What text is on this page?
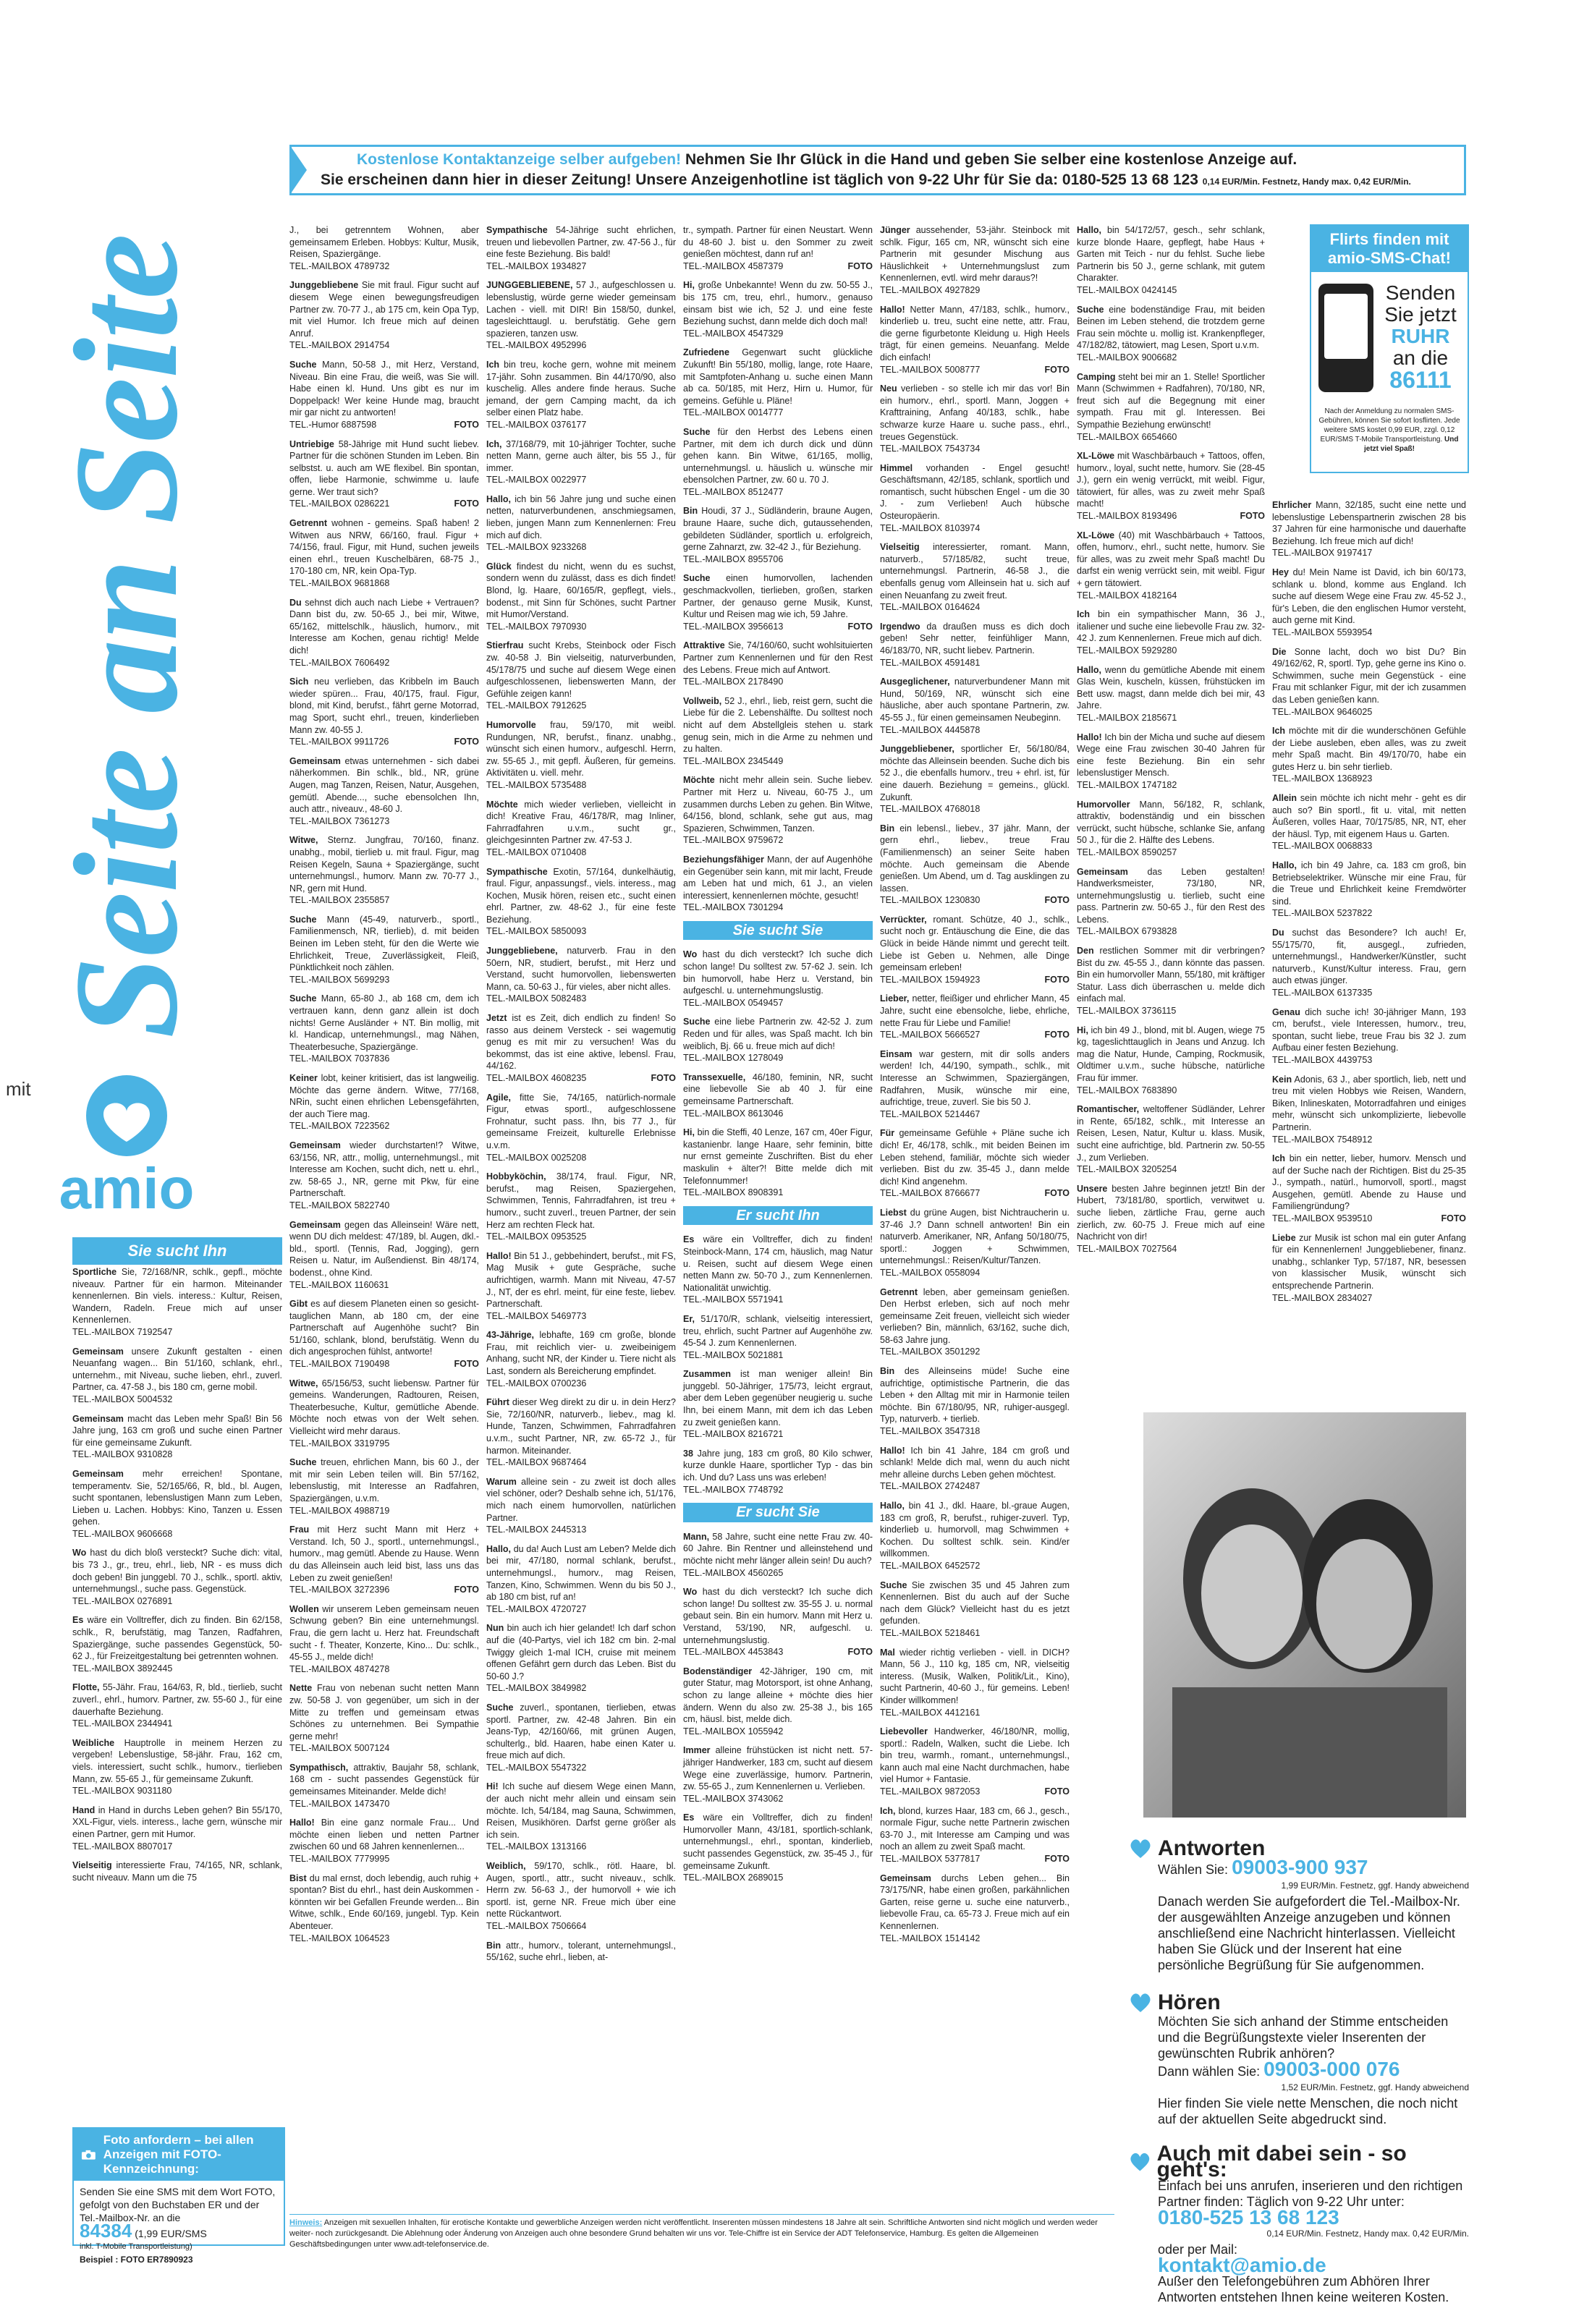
Kostenlose Kontaktanzeige selber aufgeben! Nehmen Sie Ihr Glück in die Hand und geben Sie selber eine kostenlose Anzeige auf.
Sie erscheinen dann hier in dieser Zeitung! Unsere Anzeigenhotline ist täglich von 9-22 Uhr für Sie da: 0180-525 13 68 123 0,14 EUR/Min. Festnetz, Handy max. 0,42 EUR/Min.
Seite an Seite
mit
amio
Sie sucht Ihn
Sportliche Sie, 72/168/NR, schlk., gepfl., möchte niveauv. Partner für ein harmon. Miteinander kennenlernen. Bin viels. interess.: Kultur, Reisen, Wandern, Radeln. Freue mich auf unser Kennenlernen.
TEL.-MAILBOX 7192547
Gemeinsam unsere Zukunft gestalten - einen Neuanfang wagen... Bin 51/160, schlank, ehrl., unternehm., mit Niveau, suche lieben, ehrl., zuverl. Partner, ca. 47-58 J., bis 180 cm, gerne mobil.
TEL.-MAILBOX 5004532
Gemeinsam macht das Leben mehr Spaß! Bin 56 Jahre jung, 163 cm groß und suche einen Partner für eine gemeinsame Zukunft.
TEL.-MAILBOX 9310828
Gemeinsam mehr erreichen! Spontane, temperamentv. Sie, 52/165/66, R, bld., bl. Augen, sucht spontanen, lebenslustigen Mann zum Leben, Lieben u. Lachen. Hobbys: Kino, Tanzen u. Essen gehen.
TEL.-MAILBOX 9606668
Wo hast du dich bloß versteckt? Suche dich: vital, bis 73 J., gr., treu, ehrl., lieb, NR - es muss dich doch geben! Bin junggebl. 70 J., schlk., sportl. aktiv, unternehmungsl., suche pass. Gegenstück.
TEL.-MAILBOX 0276891
Es wäre ein Volltreffer, dich zu finden. Bin 62/158, schlk., R, berufstätig, mag Tanzen, Radfahren, Spaziergänge, suche passendes Gegenstück, 50-62 J., für Freizeitgestaltung bei getrennten wohnen.
TEL.-MAILBOX 3892445
Flotte, 55-Jähr. Frau, 164/63, R, bld., tierlieb, sucht zuverl., ehrl., humorv. Partner, zw. 55-60 J., für eine dauerhafte Beziehung.
TEL.-MAILBOX 2344941
Weibliche Hauptrolle in meinem Herzen zu vergeben! Lebenslustige, 58-jähr. Frau, 162 cm, viels. interessiert, sucht schlk., humorv., tierlieben Mann, zw. 55-65 J., für gemeinsame Zukunft.
TEL.-MAILBOX 9031180
Hand in Hand in durchs Leben gehen? Bin 55/170, XXL-Figur, viels. interess., lache gern, wünsche mir einen Partner, gern mit Humor.
TEL.-MAILBOX 8807017
Vielseitig interessierte Frau, 74/165, NR, schlank, sucht niveauv. Mann um die 75
J., bei getrenntem Wohnen, aber gemeinsamem Erleben. Hobbys: Kultur, Musik, Reisen, Spaziergänge.
TEL.-MAILBOX 4789732
Junggebliebene Sie mit fraul. Figur sucht auf diesem Wege einen bewegungsfreudigen Partner zw. 70-77 J., ab 175 cm, kein Opa Typ, mit viel Humor. Ich freue mich auf deinen Anruf.
TEL.-MAILBOX 2914754
Suche Mann, 50-58 J., mit Herz, Verstand, Niveau. Bin eine Frau, die weiß, was Sie will. Habe einen kl. Hund. Uns gibt es nur im Doppelpack! Wer keine Hunde mag, braucht mir gar nicht zu antworten!
TEL.-Humor 6887598	FOTO
Untriebige 58-Jährige mit Hund sucht liebev. Partner für die schönen Stunden im Leben. Bin selbstst. u. auch am WE flexibel. Bin spontan, offen, liebe Harmonie, schwimme u. laufe gerne. Wer traut sich?
TEL.-MAILBOX 0286221	FOTO
Getrennt wohnen - gemeins. Spaß haben! 2 Witwen aus NRW, 66/160, fraul. Figur + 74/156, fraul. Figur, mit Hund, suchen jeweils einen ehrl., treuen Kuschelbären, 68-75 J., 170-180 cm, NR, kein Opa-Typ.
TEL.-MAILBOX 9681868
Du sehnst dich auch nach Liebe + Vertrauen? Dann bist du, zw. 50-65 J., bei mir, Witwe, 65/162, mittelschlk., häuslich, humorv., mit Interesse am Kochen, genau richtig! Melde dich!
TEL.-MAILBOX 7606492
Sich neu verlieben, das Kribbeln im Bauch wieder spüren... Frau, 40/175, fraul. Figur, blond, mit Kind, berufst., fährt gerne Motorrad, mag Sport, sucht ehrl., treuen, kinderlieben Mann zw. 40-55 J.
TEL.-MAILBOX 9911726	FOTO
Gemeinsam etwas unternehmen - sich dabei näherkommen. Bin schlk., bld., NR, grüne Augen, mag Tanzen, Reisen, Natur, Ausgehen, gemütl. Abende..., suche ebensolchen Ihn, auch attr., niveauv., 48-60 J.
TEL.-MAILBOX 7361273
Witwe, Sternz. Jungfrau, 70/160, finanz. unabhg., mobil, tierlieb u. mit fraul. Figur, mag Reisen Kegeln, Sauna + Spaziergänge, sucht unternehmungsl., humorv. Mann zw. 70-77 J., NR, gern mit Hund.
TEL.-MAILBOX 2355857
Suche Mann (45-49, naturverb., sportl., Familienmensch, NR, tierlieb), d. mit beiden Beinen im Leben steht, für den die Werte wie Ehrlichkeit, Treue, Zuverlässigkeit, Fleiß, Pünktlichkeit noch zählen.
TEL.-MAILBOX 5699293
Suche Mann, 65-80 J., ab 168 cm, dem ich vertrauen kann, denn ganz allein ist doch nichts! Gerne Ausländer + NT. Bin mollig, mit kl. Handicap, unternehmungsl., mag Nähen, Theaterbesuche, Spaziergänge.
TEL.-MAILBOX 7037836
Keiner lobt, keiner kritisiert, das ist langweilig. Möchte das gerne ändern. Witwe, 77/168, NRin, sucht einen ehrlichen Lebensgefährten, der auch Tiere mag.
TEL.-MAILBOX 7223562
Gemeinsam wieder durchstarten!? Witwe, 63/156, NR, attr., mollig, unternehmungsl., mit Interesse am Kochen, sucht dich, nett u. ehrl., zw. 58-65 J., NR, gerne mit Pkw, für eine Partnerschaft.
TEL.-MAILBOX 5822740
Gemeinsam gegen das Alleinsein! Wäre nett, wenn DU dich meldest: 47/189, bl. Augen, dkl.-bld., sportl. (Tennis, Rad, Jogging), gern Reisen u. Natur, im Außendienst. Bin 48/174, bodenst., ohne Kind.
TEL.-MAILBOX 1160631
Gibt es auf diesem Planeten einen so gesicht-tauglichen Mann, ab 180 cm, der eine Partnerschaft auf Augenhöhe sucht? Bin 51/160, schlank, blond, berufstätig. Wenn du dich angesprochen fühlst, antworte!
TEL.-MAILBOX 7190498	FOTO
Witwe, 65/156/53, sucht liebensw. Partner für gemeins. Wanderungen, Radtouren, Reisen, Theaterbesuche, Kultur, gemütliche Abende. Möchte noch etwas von der Welt sehen. Vielleicht wird mehr daraus.
TEL.-MAILBOX 3319795
Suche treuen, ehrlichen Mann, bis 60 J., der mit mir sein Leben teilen will. Bin 57/162, lebenslustig, mit Interesse an Radfahren, Spaziergängen, u.v.m.
TEL.-MAILBOX 4988719
Frau mit Herz sucht Mann mit Herz + Verstand. Ich, 50 J., sportl., unternehmungsl., humorv., mag gemütl. Abende zu Hause. Wenn du das Alleinsein auch leid bist, lass uns das Leben zu zweit genießen!
TEL.-MAILBOX 3272396	FOTO
Wollen wir unserem Leben gemeinsam neuen Schwung geben? Bin eine unternehmungsl. Frau, die gern lacht u. Herz hat. Freundschaft sucht - f. Theater, Konzerte, Kino... Du: schlk., 45-55 J., melde dich!
TEL.-MAILBOX 4874278
Nette Frau von nebenan sucht netten Mann zw. 50-58 J. von gegenüber, um sich in der Mitte zu treffen und gemeinsam etwas Schönes zu unternehmen. Bei Sympathie gerne mehr!
TEL.-MAILBOX 5007124
Sympathisch, attraktiv, Baujahr 58, schlank, 168 cm - sucht passendes Gegenstück für gemeinsames Miteinander. Melde dich!
TEL.-MAILBOX 1473470
Hallo! Bin eine ganz normale Frau... Und möchte einen lieben und netten Partner zwischen 60 und 68 Jahren kennenlernen...
TEL.-MAILBOX 7779995
Bist du mal ernst, doch lebendig, auch ruhig + spontan? Bist du ehrl., hast dein Auskommen - könnten wir bei Gefallen Freunde werden... Bin Witwe, schlk., Ende 60/169, jungebl. Typ. Kein Abenteuer.
TEL.-MAILBOX 1064523
Sympathische 54-Jährige sucht ehrlichen, treuen und liebevollen Partner, zw. 47-56 J., für eine feste Beziehung. Bis bald!
TEL.-MAILBOX 1934827
JUNGGEBLIEBENE, 57 J., aufgeschlossen u. lebenslustig, würde gerne wieder gemeinsam Lachen - viell. mit DIR! Bin 158/50, dunkel, tagesleichttaugl. u. berufstätig. Gehe gern spazieren, tanzen usw.
TEL.-MAILBOX 4952996
Ich bin treu, koche gern, wohne mit meinem 17-jähr. Sohn zusammen. Bin 44/170/90, also kuschelig. Alles andere finde heraus. Suche jemand, der gern Camping macht, da ich selber einen Platz habe.
TEL.-MAILBOX 0376177
Ich, 37/168/79, mit 10-jähriger Tochter, suche netten Mann, gerne auch älter, bis 55 J., für immer.
TEL.-MAILBOX 0022977
Hallo, ich bin 56 Jahre jung und suche einen netten, naturverbundenen, anschmiegsamen, lieben, jungen Mann zum Kennenlernen: Freu mich auf dich.
TEL.-MAILBOX 9233268
Glück findest du nicht, wenn du es suchst, sondern wenn du zulässt, dass es dich findet! Blond, lg. Haare, 60/165/R, gepflegt, viels., bodenst., mit Sinn für Schönes, sucht Partner mit Humor/Verstand.
TEL.-MAILBOX 7970930
Stierfrau sucht Krebs, Steinbock oder Fisch zw. 40-58 J. Bin vielseitig, naturverbunden, 45/178/75 und suche auf diesem Wege einen aufgeschlossenen, liebenswerten Mann, der Gefühle zeigen kann!
TEL.-MAILBOX 7912625
Humorvolle frau, 59/170, mit weibl. Rundungen, NR, berufst., finanz. unabhg., wünscht sich einen humorv., aufgeschl. Herrn, zw. 55-65 J., mit gepfl. Äußeren, für gemeins. Aktivitäten u. viell. mehr.
TEL.-MAILBOX 5735488
Möchte mich wieder verlieben, vielleicht in dich! Kreative Frau, 46/178/R, mag Inliner, Fahrradfahren u.v.m., sucht gr., gleichgesinnten Partner zw. 47-53 J.
TEL.-MAILBOX 0710408
Sympathische Exotin, 57/164, dunkelhäutig, fraul. Figur, anpassungsf., viels. interess., mag Kochen, Musik hören, reisen etc., sucht einen ehrl. Partner, zw. 48-62 J., für eine feste Beziehung.
TEL.-MAILBOX 5850093
Junggebliebene, naturverb. Frau in den 50ern, NR, studiert, berufst., mit Herz und Verstand, sucht humorvollen, liebenswerten Mann, ca. 50-63 J., für vieles, aber nicht alles.
TEL.-MAILBOX 5082483
Jetzt ist es Zeit, dich endlich zu finden! So rasso aus deinem Versteck - sei wagemutig genug es mit mir zu versuchen! Was du bekommst, das ist eine aktive, lebensl. Frau, 44/162.
TEL.-MAILBOX 4608235	FOTO
Agile, fitte Sie, 74/165, natürlich-normale Figur, etwas sportl., aufgeschlossene Frohnatur, sucht pass. Ihn, bis 77 J., für gemeinsame Freizeit, kulturelle Erlebnisse u.v.m.
TEL.-MAILBOX 0025208
Hobbyköchin, 38/174, fraul. Figur, NR, berufst., mag Reisen, Spaziergehen, Schwimmen, Tennis, Fahrradfahren, ist treu + humorv., sucht zuverl., treuen Partner, der sein Herz am rechten Fleck hat.
TEL.-MAILBOX 0953525
Hallo! Bin 51 J., gebbehindert, berufst., mit FS, Mag Musik + gute Gespräche, suche aufrichtigen, warmh. Mann mit Niveau, 47-57 J., NT, der es ehrl. meint, für eine feste, liebev. Partnerschaft.
TEL.-MAILBOX 5469773
43-Jährige, lebhafte, 169 cm große, blonde Frau, mit reichlich vier- u. zweibeinigem Anhang, sucht NR, der Kinder u. Tiere nicht als Last, sondern als Bereicherung empfindet.
TEL.-MAILBOX 0700236
Führt dieser Weg direkt zu dir u. in dein Herz? Sie, 72/160/NR, naturverb., liebev., mag kl. Hunde, Tanzen, Schwimmen, Fahrradfahren u.v.m., sucht Partner, NR, zw. 65-72 J., für harmon. Miteinander.
TEL.-MAILBOX 9687464
Warum alleine sein - zu zweit ist doch alles viel schöner, oder? Deshalb sehne ich, 51/176, mich nach einem humorvollen, natürlichen Partner.
TEL.-MAILBOX 2445313
Hallo, du da! Auch Lust am Leben? Melde dich bei mir, 47/180, normal schlank, berufst., unternehmungsl., humorv., mag Reisen, Tanzen, Kino, Schwimmen. Wenn du bis 50 J., ab 180 cm bist, ruf an!
TEL.-MAILBOX 4720727
Nun bin auch ich hier gelandet! Ich darf schon auf die (40-Partys, viel ich 182 cm bin. 2-mal Twiggy gleich 1-mal ICH, cruise mit meinem offenen Gefährt gern durch das Leben. Bist du 50-60 J.?
TEL.-MAILBOX 3849982
Suche zuverl., spontanen, tierlieben, etwas sportl. Partner, zw. 42-48 Jahren. Bin ein Jeans-Typ, 42/160/66, mit grünen Augen, schulterlg., bld. Haaren, habe einen Kater u. freue mich auf dich.
TEL.-MAILBOX 5547322
Hi! Ich suche auf diesem Wege einen Mann, der auch nicht mehr allein und einsam sein möchte. Ich, 54/184, mag Sauna, Schwimmen, Reisen, Musikhören. Darfst gerne größer als ich sein.
TEL.-MAILBOX 1313166
Weiblich, 59/170, schlk., rötl. Haare, bl. Augen, sportl., attr., sucht niveauv., schlk. Herrn zw. 56-63 J., der humorvoll + wie ich sportl. ist, gerne NR. Freue mich über eine nette Rückantwort.
TEL.-MAILBOX 7506664
Bin attr., humorv., tolerant, unternehmungsl., 55/162, suche ehrl., lieben, at-
tr., sympath. Partner für einen Neustart. Wenn du 48-60 J. bist u. den Sommer zu zweit genießen möchtest, dann ruf an!
TEL.-MAILBOX 4587379	FOTO
Hi, große Unbekannte! Wenn du zw. 50-55 J., bis 175 cm, treu, ehrl., humorv., genauso einsam bist wie ich, 52 J. und eine feste Beziehung suchst, dann melde dich doch mal!
TEL.-MAILBOX 4547329
Zufriedene Gegenwart sucht glückliche Zukunft! Bin 55/180, mollig, lange, rote Haare, mit Samtpfoten-Anhang u. suche einen Mann ab ca. 50/185, mit Herz, Hirn u. Humor, für gemeins. Gefühle u. Pläne!
TEL.-MAILBOX 0014777
Suche für den Herbst des Lebens einen Partner, mit dem ich durch dick und dünn gehen kann. Bin Witwe, 61/165, mollig, unternehmungsl. u. häuslich u. wünsche mir ebensolchen Partner, zw. 60 u. 70 J.
TEL.-MAILBOX 8512477
Bin Houdi, 37 J., Südländerin, braune Augen, braune Haare, suche dich, gutaussehenden, gebildeten Südländer, sportlich u. erfolgreich, gerne Zahnarzt, zw. 32-42 J., für Beziehung.
TEL.-MAILBOX 8955706
Suche einen humorvollen, lachenden geschmackvollen, tierlieben, großen, starken Partner, der genauso gerne Musik, Kunst, Kultur und Reisen mag wie ich, 59 Jahre.
TEL.-MAILBOX 3956613	FOTO
Attraktive Sie, 74/160/60, sucht wohlsituierten Partner zum Kennenlernen und für den Rest des Lebens. Freue mich auf Antwort.
TEL.-MAILBOX 2178490
Vollweib, 52 J., ehrl., lieb, reist gern, sucht die Liebe für die 2. Lebenshälfte. Du solltest noch nicht auf dem Abstellgleis stehen u. stark genug sein, mich in die Arme zu nehmen und zu halten.
TEL.-MAILBOX 2345449
Möchte nicht mehr allein sein. Suche liebev. Partner mit Herz u. Niveau, 60-75 J., um zusammen durchs Leben zu gehen. Bin Witwe, 64/156, blond, schlank, sehe gut aus, mag Spazieren, Schwimmen, Tanzen.
TEL.-MAILBOX 9759672
Beziehungsfähiger Mann, der auf Augenhöhe ein Gegenüber sein kann, mit mir lacht, Freude am Leben hat und mich, 61 J., an vielen interessiert, kennenlernen möchte, gesucht!
TEL.-MAILBOX 7301294
Sie sucht Sie
Wo hast du dich versteckt? Ich suche dich schon lange! Du solltest zw. 57-62 J. sein. Ich bin humorvoll, habe Herz u. Verstand, bin aufgeschl. u. unternehmungslustig.
TEL.-MAILBOX 0549457
Suche eine liebe Partnerin zw. 42-52 J. zum Reden und für alles, was Spaß macht. Ich bin weiblich, Bj. 66 u. freue mich auf dich!
TEL.-MAILBOX 1278049
Transsexuelle, 46/180, feminin, NR, sucht eine liebevolle Sie ab 40 J. für eine gemeinsame Partnerschaft.
TEL.-MAILBOX 8613046
Hi, bin die Steffi, 40 Lenze, 167 cm, 40er Figur, kastanienbr. lange Haare, sehr feminin, bitte nur ernst gemeinte Zuschriften. Bist du eher maskulin + älter?! Bitte melde dich mit Telefonnummer!
TEL.-MAILBOX 8908391
Er sucht Ihn
Es wäre ein Volltreffer, dich zu finden! Steinbock-Mann, 174 cm, häuslich, mag Natur u. Reisen, sucht auf diesem Wege einen netten Mann zw. 50-70 J., zum Kennenlernen. Nationalität unwichtig.
TEL.-MAILBOX 5571941
Er, 51/170/R, schlank, vielseitig interessiert, treu, ehrlich, sucht Partner auf Augenhöhe zw. 45-54 J. zum Kennenlernen.
TEL.-MAILBOX 5021881
Zusammen ist man weniger allein! Bin junggebl. 50-Jähriger, 175/73, leicht ergraut, aber dem Leben gegenüber neugierig u. suche Ihn, bei einem Mann, mit dem ich das Leben zu zweit genießen kann.
TEL.-MAILBOX 8216721
38 Jahre jung, 183 cm groß, 80 Kilo schwer, kurze dunkle Haare, sportlicher Typ - das bin ich. Und du? Lass uns was erleben!
TEL.-MAILBOX 7748792
Er sucht Sie
Mann, 58 Jahre, sucht eine nette Frau zw. 40-60 Jahre. Bin Rentner und alleinstehend und möchte nicht mehr länger allein sein! Du auch?
TEL.-MAILBOX 4560265
Wo hast du dich versteckt? Ich suche dich schon lange! Du solltest zw. 35-55 J. u. normal gebaut sein. Bin ein humorv. Mann mit Herz u. Verstand, 53/190, NR, aufgeschl. u. unternehmungslustig.
TEL.-MAILBOX 4453843	FOTO
Bodenständiger 42-Jähriger, 190 cm, mit guter Statur, mag Motorsport, ist ohne Anhang, schon zu lange alleine + möchte dies hier ändern. Wenn du also zw. 25-38 J., bis 165 cm, häusl. bist, melde dich.
TEL.-MAILBOX 1055942
Immer alleine frühstücken ist nicht nett. 57-jähriger Handwerker, 183 cm, sucht auf diesem Wege eine zuverlässige, humorv. Partnerin, zw. 55-65 J., zum Kennenlernen u. Verlieben.
TEL.-MAILBOX 3743062
Es wäre ein Volltreffer, dich zu finden! Humorvoller Mann, 43/181, sportlich-schlank, unternehmungsl., ehrl., spontan, kinderlieb, sucht passendes Gegenstück, zw. 35-45 J., für gemeinsame Zukunft.
TEL.-MAILBOX 2689015
Jünger aussehender, 53-jähr. Steinbock mit schlk. Figur, 165 cm, NR, wünscht sich eine Partnerin mit gesunder Mischung aus Häuslichkeit + Unternehmungslust zum Kennenlernen, evtl. wird mehr daraus?!
TEL.-MAILBOX 4927829
Hallo! Netter Mann, 47/183, schlk., humorv., kinderlieb u. treu, sucht eine nette, attr. Frau, die gerne figurbetonte Kleidung u. High Heels trägt, für einen gemeins. Neuanfang. Melde dich einfach!
TEL.-MAILBOX 5008777	FOTO
Neu verlieben - so stelle ich mir das vor! Bin ein humorv., ehrl., sportl. Mann, Joggen + Krafttraining, Anfang 40/183, schlk., habe schwarze kurze Haare u. suche pass., ehrl., treues Gegenstück.
TEL.-MAILBOX 7543734
Himmel vorhanden - Engel gesucht! Geschäftsmann, 42/185, schlank, sportlich und romantisch, sucht hübschen Engel - um die 30 J. - zum Verlieben! Auch hübsche Osteuropäerin.
TEL.-MAILBOX 8103974
Vielseitig interessierter, romant. Mann, naturverb., 57/185/82, sucht treue, unternehmungsl. Partnerin, 46-58 J., die ebenfalls genug vom Alleinsein hat u. sich auf einen Neuanfang zu zweit freut.
TEL.-MAILBOX 0164624
Irgendwo da draußen muss es dich doch geben! Sehr netter, feinfühliger Mann, 46/183/70, NR, sucht liebev. Partnerin.
TEL.-MAILBOX 4591481
Ausgeglichener, naturverbundener Mann mit Hund, 50/169, NR, wünscht sich eine häusliche, aber auch spontane Partnerin, zw. 45-55 J., für einen gemeinsamen Neubeginn.
TEL.-MAILBOX 4445878
Junggebliebener, sportlicher Er, 56/180/84, möchte das Alleinsein beenden. Suche dich bis 52 J., die ebenfalls humorv., treu + ehrl. ist, für eine dauerh. Beziehung = gemeins., glückl. Zukunft.
TEL.-MAILBOX 4768018
Bin ein lebensl., liebev., 37 jähr. Mann, der gern ehrl., liebev., treue Frau (Familienmensch) an seiner Seite haben möchte. Auch gemeinsam die Abende genießen. Um Abend, um d. Tag ausklingen zu lassen.
TEL.-MAILBOX 1230830	FOTO
Verrückter, romant. Schütze, 40 J., schlk., sucht noch gr. Entäuschung die Eine, die das Glück in beide Hände nimmt und gerecht teilt. Liebe ist Geben u. Nehmen, alle Dinge gemeinsam erleben!
TEL.-MAILBOX 1594923	FOTO
Lieber, netter, fleißiger und ehrlicher Mann, 45 Jahre, sucht eine ebensolche, liebe, ehrliche, nette Frau für Liebe und Familie!
TEL.-MAILBOX 5666527	FOTO
Einsam war gestern, mit dir solls anders werden! Ich, 44/190, sympath., schlk., mit Interesse an Schwimmen, Spaziergängen, Radfahren, Musik, wünsche mir eine, aufrichtige, treue, zuverl. Sie bis 50 J.
TEL.-MAILBOX 5214467
Für gemeinsame Gefühle + Pläne suche ich dich! Er, 46/178, schlk., mit beiden Beinen im Leben stehend, familiär, möchte sich wieder verlieben. Bist du zw. 35-45 J., dann melde dich! Kind angenehm.
TEL.-MAILBOX 8766677	FOTO
Liebst du grüne Augen, bist Nichtraucherin u. 37-46 J.? Dann schnell antworten! Bin ein naturverb. Amerikaner, NR, Anfang 50/180/75, sportl.: Joggen + Schwimmen, unternehmungsl.: Reisen/Kultur/Tanzen.
TEL.-MAILBOX 0558094
Getrennt leben, aber gemeinsam genießen. Den Herbst erleben, sich auf noch mehr gemeinsame Zeit freuen, vielleicht sich wieder verlieben? Bin, männlich, 63/162, suche dich, 58-63 Jahre jung.
TEL.-MAILBOX 3501292
Bin des Alleinseins müde! Suche eine aufrichtige, optimistische Partnerin, die das Leben + den Alltag mit mir in Harmonie teilen möchte. Bin 67/180/95, NR, ruhiger-ausgegl. Typ, naturverb. + tierlieb.
TEL.-MAILBOX 3547318
Hallo! Ich bin 41 Jahre, 184 cm groß und schlank! Melde dich mal, wenn du auch nicht mehr alleine durchs Leben gehen möchtest.
TEL.-MAILBOX 2742487
Hallo, bin 41 J., dkl. Haare, bl.-graue Augen, 183 cm groß, R, berufst., ruhiger-zuverl. Typ, kinderlieb u. humorvoll, mag Schwimmen + Kochen. Du solltest schlk. sein. Kind/er willkommen.
TEL.-MAILBOX 6452572
Suche Sie zwischen 35 und 45 Jahren zum Kennenlernen. Bist du auch auf der Suche nach dem Glück? Vielleicht hast du es jetzt gefunden.
TEL.-MAILBOX 5218461
Mal wieder richtig verlieben - viell. in DICH? Mann, 56 J., 110 kg, 185 cm, NR, vielseitig interess. (Musik, Walken, Politik/Lit., Kino), sucht Partnerin, 40-60 J., für gemeins. Leben! Kinder willkommen!
TEL.-MAILBOX 4412161
Liebevoller Handwerker, 46/180/NR, mollig, sportl.: Radeln, Walken, sucht die Liebe. Ich bin treu, warmh., romant., unternehmungsl., kann auch mal eine Nacht durchmachen, habe viel Humor + Fantasie.
TEL.-MAILBOX 9872053	FOTO
Ich, blond, kurzes Haar, 183 cm, 66 J., gesch., normale Figur, suche nette Partnerin zwischen 63-70 J., mit Interesse am Camping und was noch an allem zu zweit Spaß macht.
TEL.-MAILBOX 5377817	FOTO
Gemeinsam durchs Leben gehen... Bin 73/175/NR, habe einen großen, parkähnlichen Garten, reise gerne u. suche eine naturverb., liebevolle Frau, ca. 65-73 J. Freue mich auf ein Kennenlernen.
TEL.-MAILBOX 1514142
Hallo, bin 54/172/57, gesch., sehr schlank, kurze blonde Haare, gepflegt, habe Haus + Garten mit Teich - nur du fehlst. Suche liebe Partnerin bis 50 J., gerne schlank, mit gutem Charakter.
TEL.-MAILBOX 0424145
Suche eine bodenständige Frau, mit beiden Beinen im Leben stehend, die trotzdem gerne Frau sein möchte u. mollig ist. Krankenpfleger, 47/182/82, tätowiert, mag Lesen, Sport u.v.m.
TEL.-MAILBOX 9006682
Camping steht bei mir an 1. Stelle! Sportlicher Mann (Schwimmen + Radfahren), 70/180, NR, freut sich auf die Begegnung mit einer sympath. Frau mit gl. Interessen. Bei Sympathie Beziehung erwünscht!
TEL.-MAILBOX 6654660
XL-Löwe mit Waschbärbauch + Tattoos, offen, humorv., loyal, sucht nette, humorv. Sie (28-45 J.), gern ein wenig verrückt, mit weibl. Figur, tätowiert, für alles, was zu zweit mehr Spaß macht!
TEL.-MAILBOX 8193496	FOTO
XL-Löwe (40) mit Waschbärbauch + Tattoos, offen, humorv., ehrl., sucht nette, humorv. Sie für alles, was zu zweit mehr Spaß macht! Du darfst ein wenig verrückt sein, mit weibl. Figur + gern tätowiert.
TEL.-MAILBOX 4182164
Ich bin ein sympathischer Mann, 36 J., italiener und suche eine liebevolle Frau zw. 32-42 J. zum Kennenlernen. Freue mich auf dich.
TEL.-MAILBOX 5929280
Hallo, wenn du gemütliche Abende mit einem Glas Wein, kuscheln, küssen, frühstücken im Bett usw. magst, dann melde dich bei mir, 43 Jahre.
TEL.-MAILBOX 2185671
Hallo! Ich bin der Micha und suche auf diesem Wege eine Frau zwischen 30-40 Jahren für eine feste Beziehung. Bin ein sehr lebenslustiger Mensch.
TEL.-MAILBOX 1747182
Humorvoller Mann, 56/182, R, schlank, attraktiv, bodenständig und ein bisschen verrückt, sucht hübsche, schlanke Sie, anfang 50 J., für die 2. Hälfte des Lebens.
TEL.-MAILBOX 8590257
Gemeinsam das Leben gestalten! Handwerksmeister, 73/180, NR, unternehmungslustig u. tierlieb, sucht eine pass. Partnerin zw. 50-65 J., für den Rest des Lebens.
TEL.-MAILBOX 6793828
Den restlichen Sommer mit dir verbringen? Bist du zw. 45-55 J., dann könnte das passen. Bin ein humorvoller Mann, 55/180, mit kräftiger Statur. Lass dich überraschen u. melde dich einfach mal.
TEL.-MAILBOX 3736115
Hi, ich bin 49 J., blond, mit bl. Augen, wiege 75 kg, tageslichttauglich in Jeans und Anzug. Ich mag die Natur, Hunde, Camping, Rockmusik, Oldtimer u.v.m., suche hübsche, natürliche Frau für immer.
TEL.-MAILBOX 7683890
Romantischer, weltoffener Südländer, Lehrer in Rente, 65/182, schlk., mit Interesse an Reisen, Lesen, Natur, Kultur u. klass. Musik, sucht eine aufrichtige, bld. Partnerin zw. 50-55 J., zum Verlieben.
TEL.-MAILBOX 3205254
Unsere besten Jahre beginnen jetzt! Bin der Hubert, 73/181/80, sportlich, verwitwet u. suche lieben, zärtliche Frau, gerne auch zierlich, zw. 60-75 J. Freue mich auf eine Nachricht von dir!
TEL.-MAILBOX 7027564
Ehrlicher Mann, 32/185, sucht eine nette und lebenslustige Lebenspartnerin zwischen 28 bis 37 Jahren für eine harmonische und dauerhafte Beziehung. Ich freue mich auf dich!
TEL.-MAILBOX 9197417
Hey du! Mein Name ist David, ich bin 60/173, schlank u. blond, komme aus England. Ich suche auf diesem Wege eine Frau zw. 45-52 J., für's Leben, die den englischen Humor versteht, auch gerne mit Kind.
TEL.-MAILBOX 5593954
Die Sonne lacht, doch wo bist Du? Bin 49/162/62, R, sportl. Typ, gehe gerne ins Kino o. Schwimmen, suche mein Gegenstück - eine Frau mit schlanker Figur, mit der ich zusammen das Leben genießen kann.
TEL.-MAILBOX 9646025
Ich möchte mit dir die wunderschönen Gefühle der Liebe ausleben, eben alles, was zu zweit mehr Spaß macht. Bin 49/170/70, habe ein gutes Herz u. bin sehr tierlieb.
TEL.-MAILBOX 1368923
Allein sein möchte ich nicht mehr - geht es dir auch so? Bin sportl., fit u. vital, mit netten Äußeren, volles Haar, 70/175/85, NR, NT, eher der häusl. Typ, mit eigenem Haus u. Garten.
TEL.-MAILBOX 0068833
Hallo, ich bin 49 Jahre, ca. 183 cm groß, bin Betriebselektriker. Wünsche mir eine Frau, für die Treue und Ehrlichkeit keine Fremdwörter sind.
TEL.-MAILBOX 5237822
Du suchst das Besondere? Ich auch! Er, 55/175/70, fit, ausgegl., zufrieden, unternehmungsl., Handwerker/Künstler, sucht naturverb., Kunst/Kultur interess. Frau, gern auch etwas jünger.
TEL.-MAILBOX 6137335
Genau dich suche ich! 30-jähriger Mann, 193 cm, berufst., viele Interessen, humorv., treu, spontan, sucht liebe, treue Frau bis 32 J. zum Aufbau einer festen Beziehung.
TEL.-MAILBOX 4439753
Kein Adonis, 63 J., aber sportlich, lieb, nett und treu mit vielen Hobbys wie Reisen, Wandern, Biken, Inlineskaten, Motorradfahren und einiges mehr, wünscht sich unkomplizierte, liebevolle Partnerin.
TEL.-MAILBOX 7548912
Ich bin ein netter, lieber, humorv. Mensch und auf der Suche nach der Richtigen. Bist du 25-35 J., sympath., natürl., humorvoll, sportl., magst Ausgehen, gemütl. Abende zu Hause und Familiengründung?
TEL.-MAILBOX 9539510	FOTO
Liebe zur Musik ist schon mal ein guter Anfang für ein Kennenlernen! Junggebliebener, finanz. unabhg., schlanker Typ, 57/187, NR, besessen von klassischer Musik, wünscht sich entsprechende Partnerin.
TEL.-MAILBOX 2834027
Flirts finden mit amio-SMS-Chat!
Senden
Sie jetzt
RUHR
an die
86111
Nach der Anmeldung zu normalen SMS-Gebühren, können Sie sofort losflirten. Jede weitere SMS kostet 0,99 EUR, zzgl. 0,12 EUR/SMS T-Mobile Transportleistung. Und jetzt viel Spaß!
Antworten
Wählen Sie: 09003-900 937
1,99 EUR/Min. Festnetz, ggf. Handy abweichend
Danach werden Sie aufgefordert die Tel.-Mailbox-Nr. der ausgewählten Anzeige anzugeben und können anschließend eine Nachricht hinterlassen. Vielleicht haben Sie Glück und der Inserent hat eine persönliche Begrüßung für Sie aufgenommen.
Hören
Möchten Sie sich anhand der Stimme entscheiden und die Begrüßungstexte vieler Inserenten der gewünschten Rubrik anhören?
Dann wählen Sie: 09003-000 076
1,52 EUR/Min. Festnetz, ggf. Handy abweichend
Hier finden Sie viele nette Menschen, die noch nicht auf der aktuellen Seite abgedruckt sind.
Auch mit dabei sein - so geht's:
Einfach bei uns anrufen, inserieren und den richtigen Partner finden: Täglich von 9-22 Uhr unter:
0180-525 13 68 123
0,14 EUR/Min. Festnetz, Handy max. 0,42 EUR/Min.
oder per Mail:
kontakt@amio.de
Außer den Telefongebühren zum Abhören Ihrer Antworten entstehen Ihnen keine weiteren Kosten.
Foto anfordern – bei allen Anzeigen mit FOTO-Kennzeichnung:
Senden Sie eine SMS mit dem Wort FOTO, gefolgt von den Buchstaben ER und der Tel.-Mailbox-Nr. an die
84384 (1,99 EUR/SMS
inkl. T-Mobile Transportleistung)
Beispiel : FOTO ER7890923
Hinweis: Anzeigen mit sexuellen Inhalten, für erotische Kontakte und gewerbliche Anzeigen werden nicht veröffentlicht. Inserenten müssen mindestens 18 Jahre alt sein. Schriftliche Antworten sind nicht möglich und werden weder weiter- noch zurückgesandt. Die Ablehnung oder Änderung von Anzeigen auch ohne besondere Grund behalten wir uns vor. Tele-Chiffre ist ein Service der ADT Telefonservice, Hamburg. Es gelten die Allgemeinen Geschäftsbedingungen unter www.adt-telefonservice.de.
